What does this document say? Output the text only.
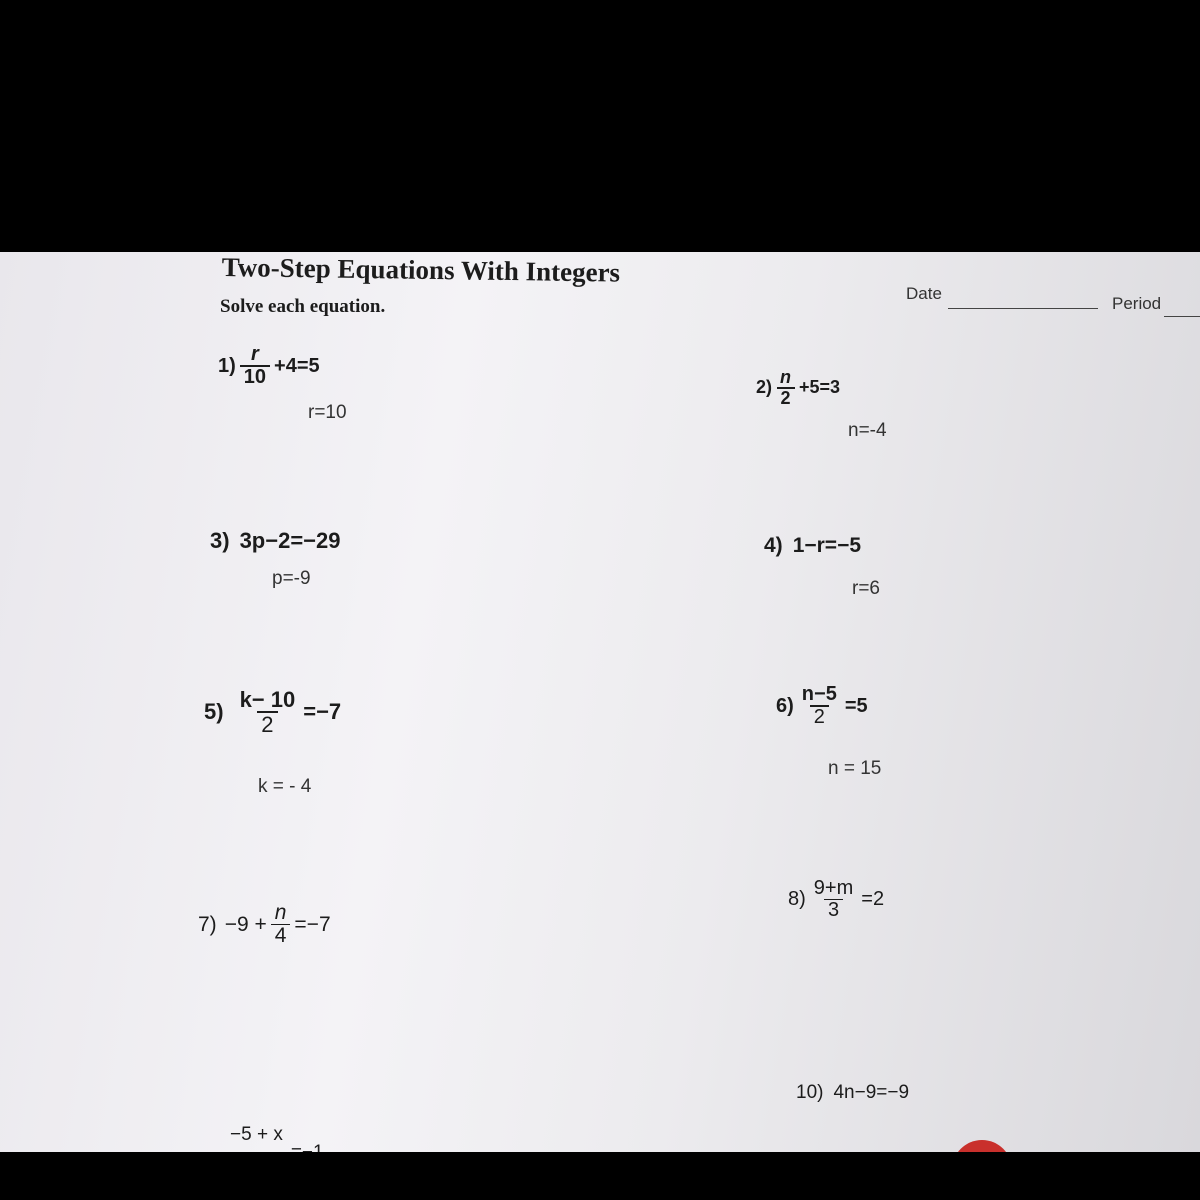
Two-Step Equations With Integers
Solve each equation.
Date
Period
$1) \frac{r}{10} +4=5$
r=10
$2) \frac{n}{2} +5=3$
n=-4
3) 3p−2=−29
p=-9
4) 1−r=−5
r=6
$5) \frac{k- 10}{2} =-7$
k = - 4
$6) \frac{n-5}{2} =5$
n = 15
$7) -9 + \frac{n}{4} =-7$
$8) \frac{9+m}{3} =2$
10) 4n−9=−9
−5 + x
